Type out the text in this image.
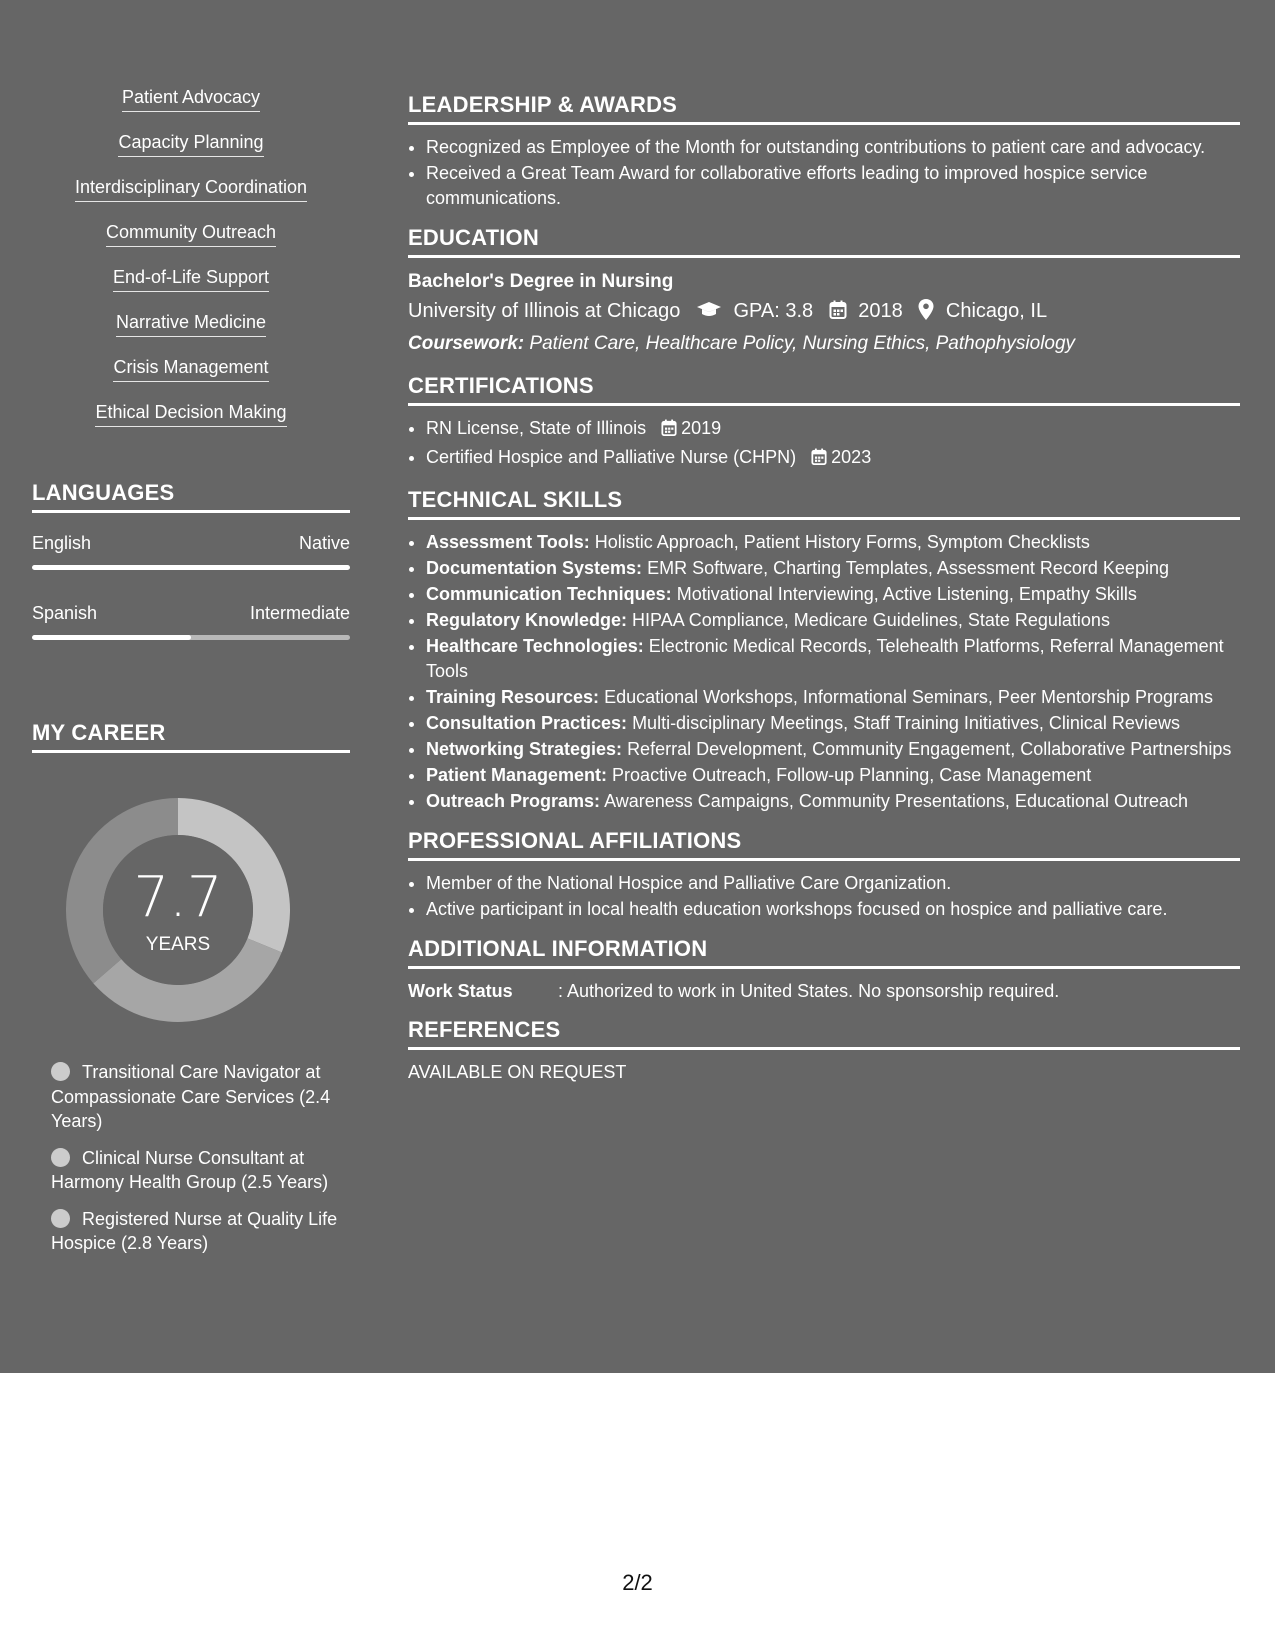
Patient Advocacy
Capacity Planning
Interdisciplinary Coordination
Community Outreach
End-of-Life Support
Narrative Medicine
Crisis Management
Ethical Decision Making
LANGUAGES
English	Native
Spanish	Intermediate
MY CAREER
7.7
YEARS
Transitional Care Navigator at Compassionate Care Services (2.4 Years)
Clinical Nurse Consultant at Harmony Health Group (2.5 Years)
Registered Nurse at Quality Life Hospice (2.8 Years)
LEADERSHIP & AWARDS
• Recognized as Employee of the Month for outstanding contributions to patient care and advocacy.
• Received a Great Team Award for collaborative efforts leading to improved hospice service communications.
EDUCATION
Bachelor's Degree in Nursing
University of Illinois at Chicago	GPA: 3.8 2018 Chicago, IL
Coursework: Patient Care, Healthcare Policy, Nursing Ethics, Pathophysiology
CERTIFICATIONS
• RN License, State of Illinois 2019
• Certified Hospice and Palliative Nurse (CHPN) 2023
TECHNICAL SKILLS
• Assessment Tools: Holistic Approach, Patient History Forms, Symptom Checklists
• Documentation Systems: EMR Software, Charting Templates, Assessment Record Keeping
• Communication Techniques: Motivational Interviewing, Active Listening, Empathy Skills
• Regulatory Knowledge: HIPAA Compliance, Medicare Guidelines, State Regulations
• Healthcare Technologies: Electronic Medical Records, Telehealth Platforms, Referral Management Tools
• Training Resources: Educational Workshops, Informational Seminars, Peer Mentorship Programs
• Consultation Practices: Multi-disciplinary Meetings, Staff Training Initiatives, Clinical Reviews
• Networking Strategies: Referral Development, Community Engagement, Collaborative Partnerships
• Patient Management: Proactive Outreach, Follow-up Planning, Case Management
• Outreach Programs: Awareness Campaigns, Community Presentations, Educational Outreach
PROFESSIONAL AFFILIATIONS
• Member of the National Hospice and Palliative Care Organization.
• Active participant in local health education workshops focused on hospice and palliative care.
ADDITIONAL INFORMATION
Work Status	: Authorized to work in United States. No sponsorship required.
REFERENCES
AVAILABLE ON REQUEST
2/2
